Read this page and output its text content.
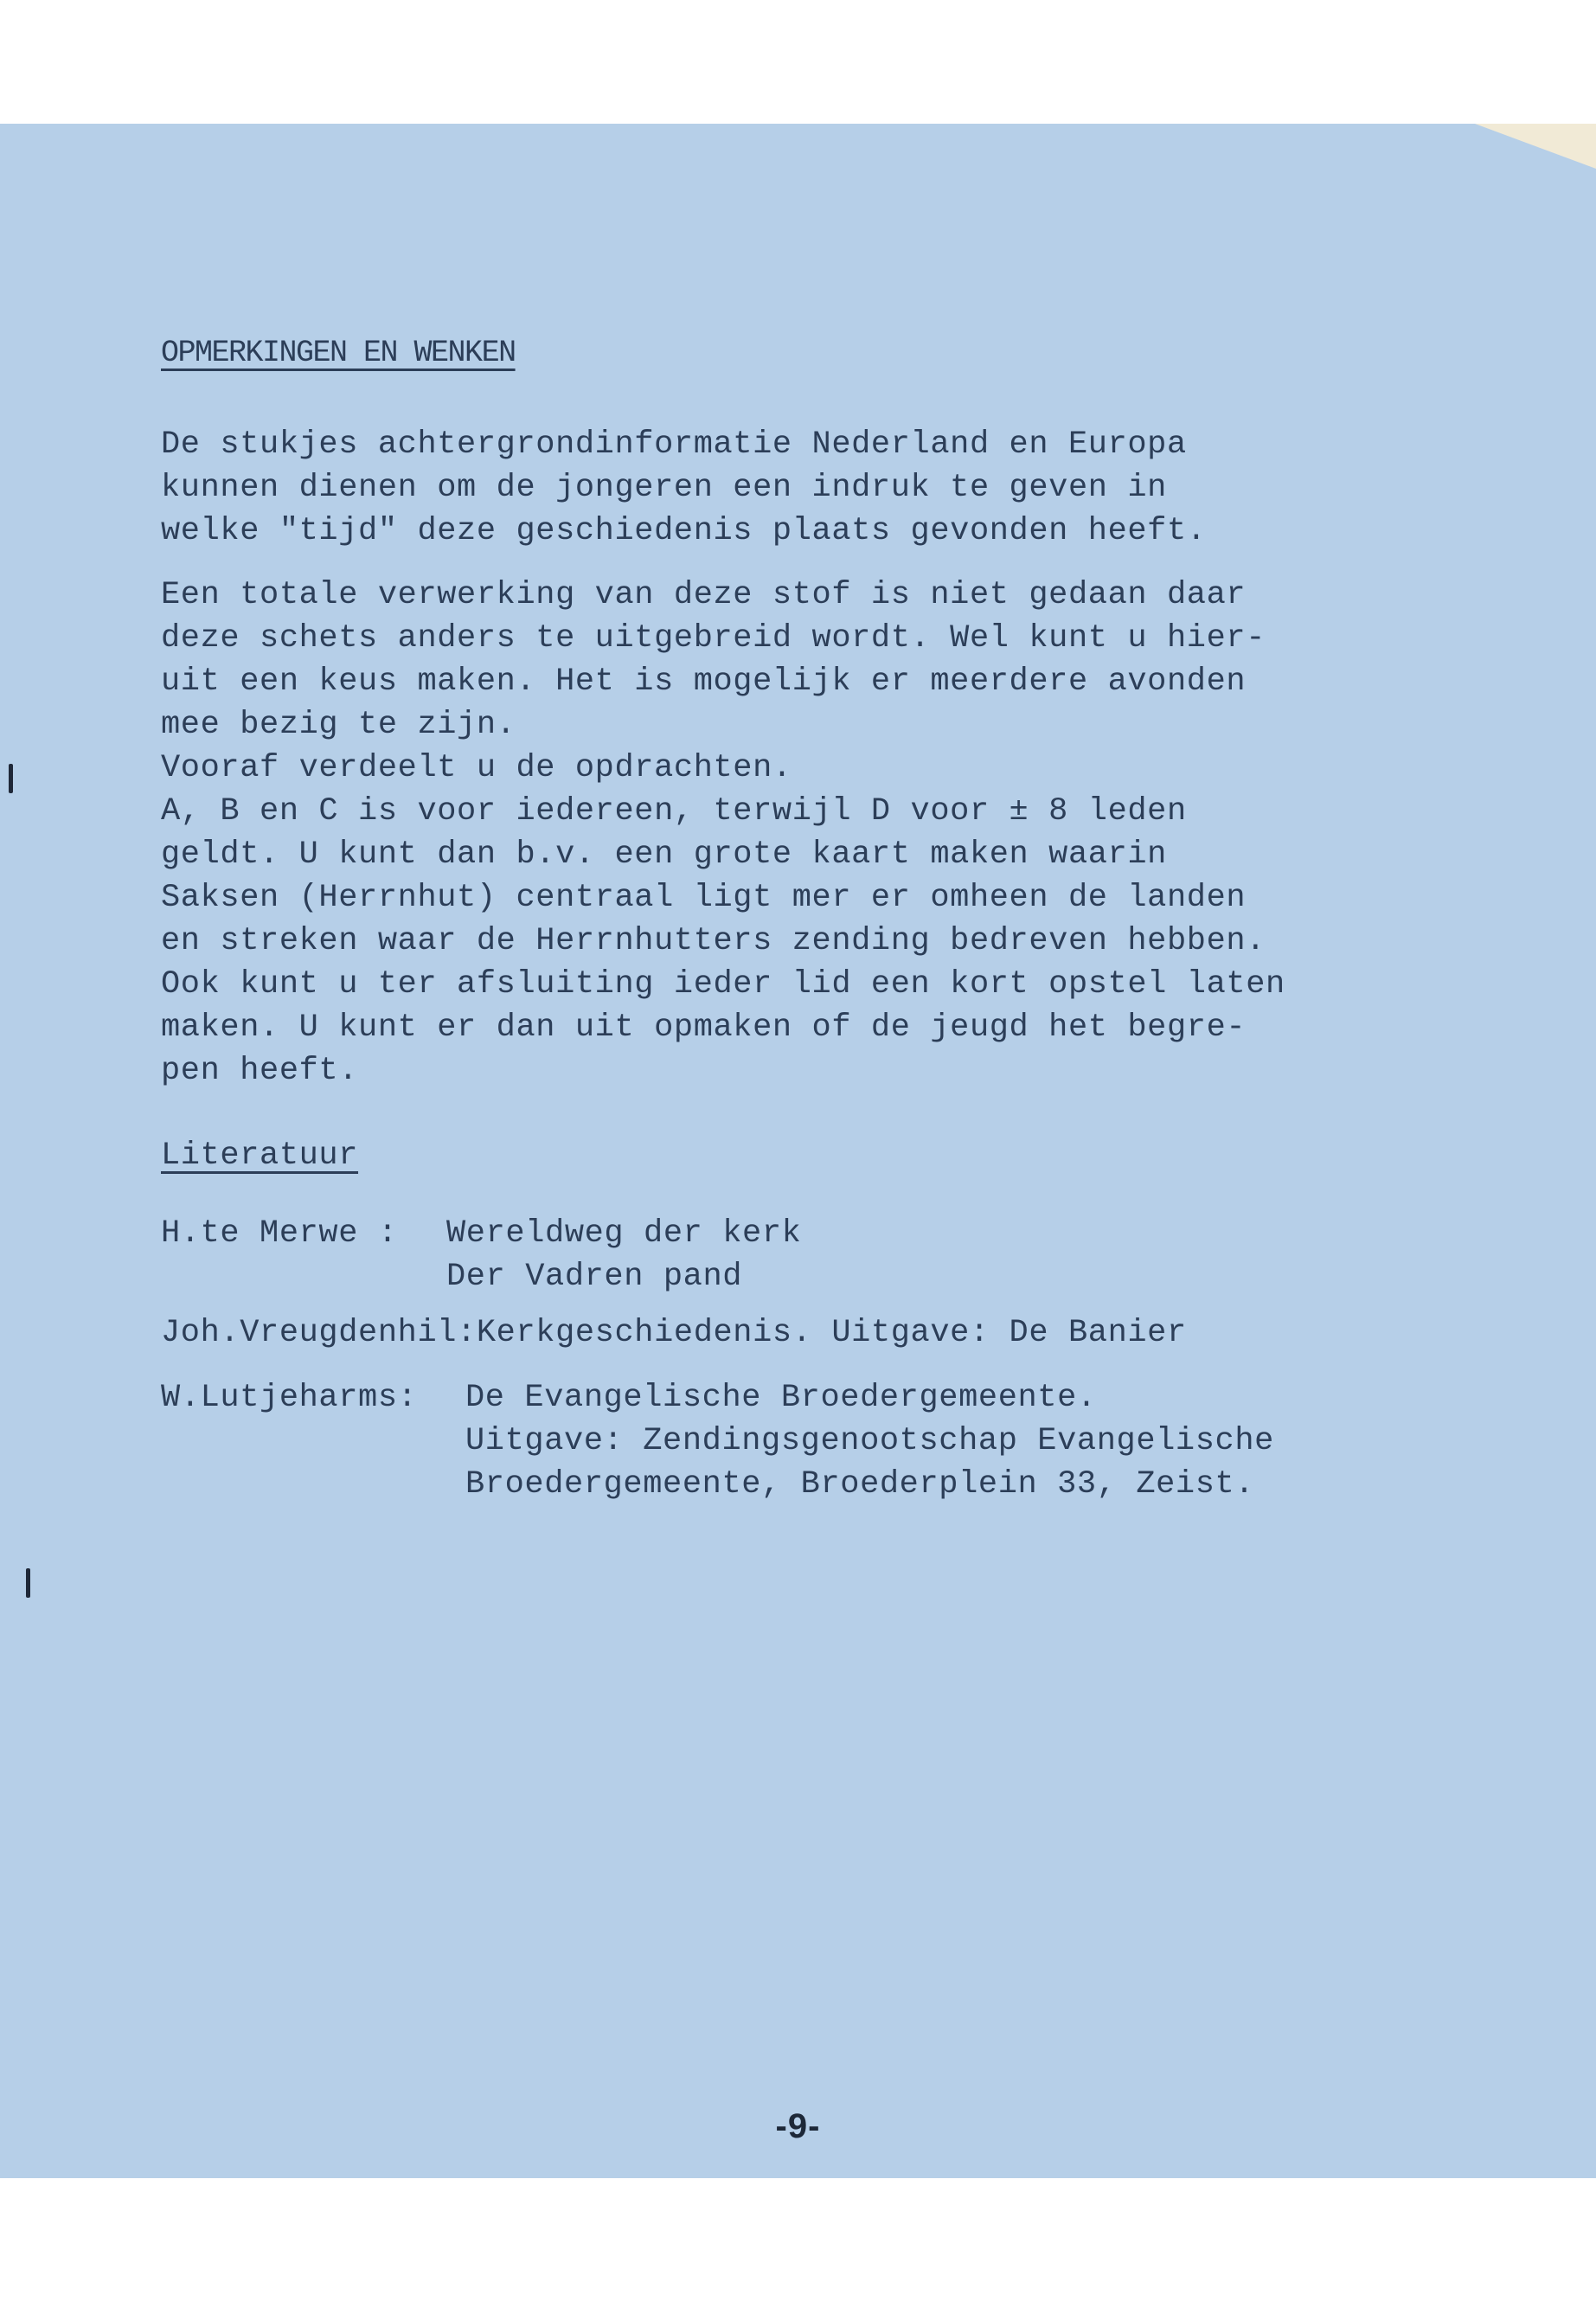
OPMERKINGEN EN WENKEN

De stukjes achtergrondinformatie Nederland en Europa
kunnen dienen om de jongeren een indruk te geven in
welke "tijd" deze geschiedenis plaats gevonden heeft.

Een totale verwerking van deze stof is niet gedaan daar
deze schets anders te uitgebreid wordt. Wel kunt u hier-
uit een keus maken. Het is mogelijk er meerdere avonden
mee bezig te zijn.
Vooraf verdeelt u de opdrachten.
A, B en C is voor iedereen, terwijl D voor ± 8 leden
geldt. U kunt dan b.v. een grote kaart maken waarin
Saksen (Herrnhut) centraal ligt mer er omheen de landen
en streken waar de Herrnhutters zending bedreven hebben.
Ook kunt u ter afsluiting ieder lid een kort opstel laten
maken. U kunt er dan uit opmaken of de jeugd het begre-
pen heeft.

Literatuur

H.te Merwe :	Wereldweg der kerk
Der Vadren pand
Joh.Vreugdenhil: Kerkgeschiedenis. Uitgave: De Banier
W.Lutjeharms:	De Evangelische Broedergemeente.
Uitgave: Zendingsgenootschap Evangelische
Broedergemeente, Broederplein 33, Zeist.
-9-
